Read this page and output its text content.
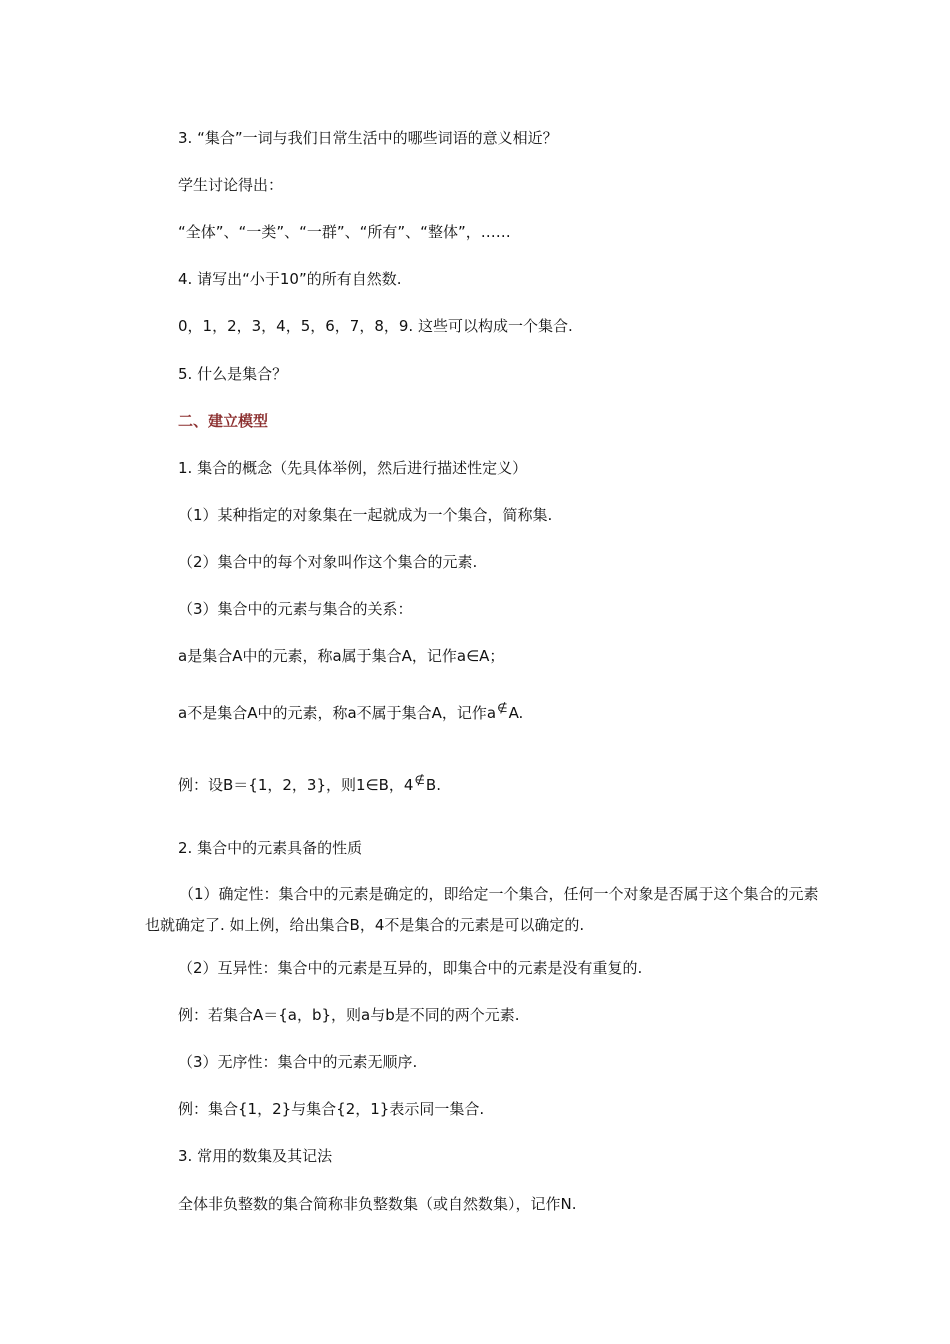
3. “集合”一词与我们日常生活中的哪些词语的意义相近？
学生讨论得出：
“全体”、“一类”、“一群”、“所有”、“整体”，……
4. 请写出“小于10”的所有自然数.
0，1，2，3，4，5，6，7，8，9. 这些可以构成一个集合.
5. 什么是集合？
二、建立模型
1. 集合的概念（先具体举例，然后进行描述性定义）
（1）某种指定的对象集在一起就成为一个集合，简称集.
（2）集合中的每个对象叫作这个集合的元素.
（3）集合中的元素与集合的关系：
a是集合A中的元素，称a属于集合A，记作a∈A；
a不是集合A中的元素，称a不属于集合A，记作a∉A.
例：设B＝{1，2，3}，则1∈B，4∉B.
2. 集合中的元素具备的性质
（1）确定性：集合中的元素是确定的，即给定一个集合，任何一个对象是否属于这个集合的元素也就确定了. 如上例，给出集合B，4不是集合的元素是可以确定的.
（2）互异性：集合中的元素是互异的，即集合中的元素是没有重复的.
例：若集合A＝{a，b}，则a与b是不同的两个元素.
（3）无序性：集合中的元素无顺序.
例：集合{1，2}与集合{2，1}表示同一集合.
3. 常用的数集及其记法
全体非负整数的集合简称非负整数集（或自然数集），记作N.
